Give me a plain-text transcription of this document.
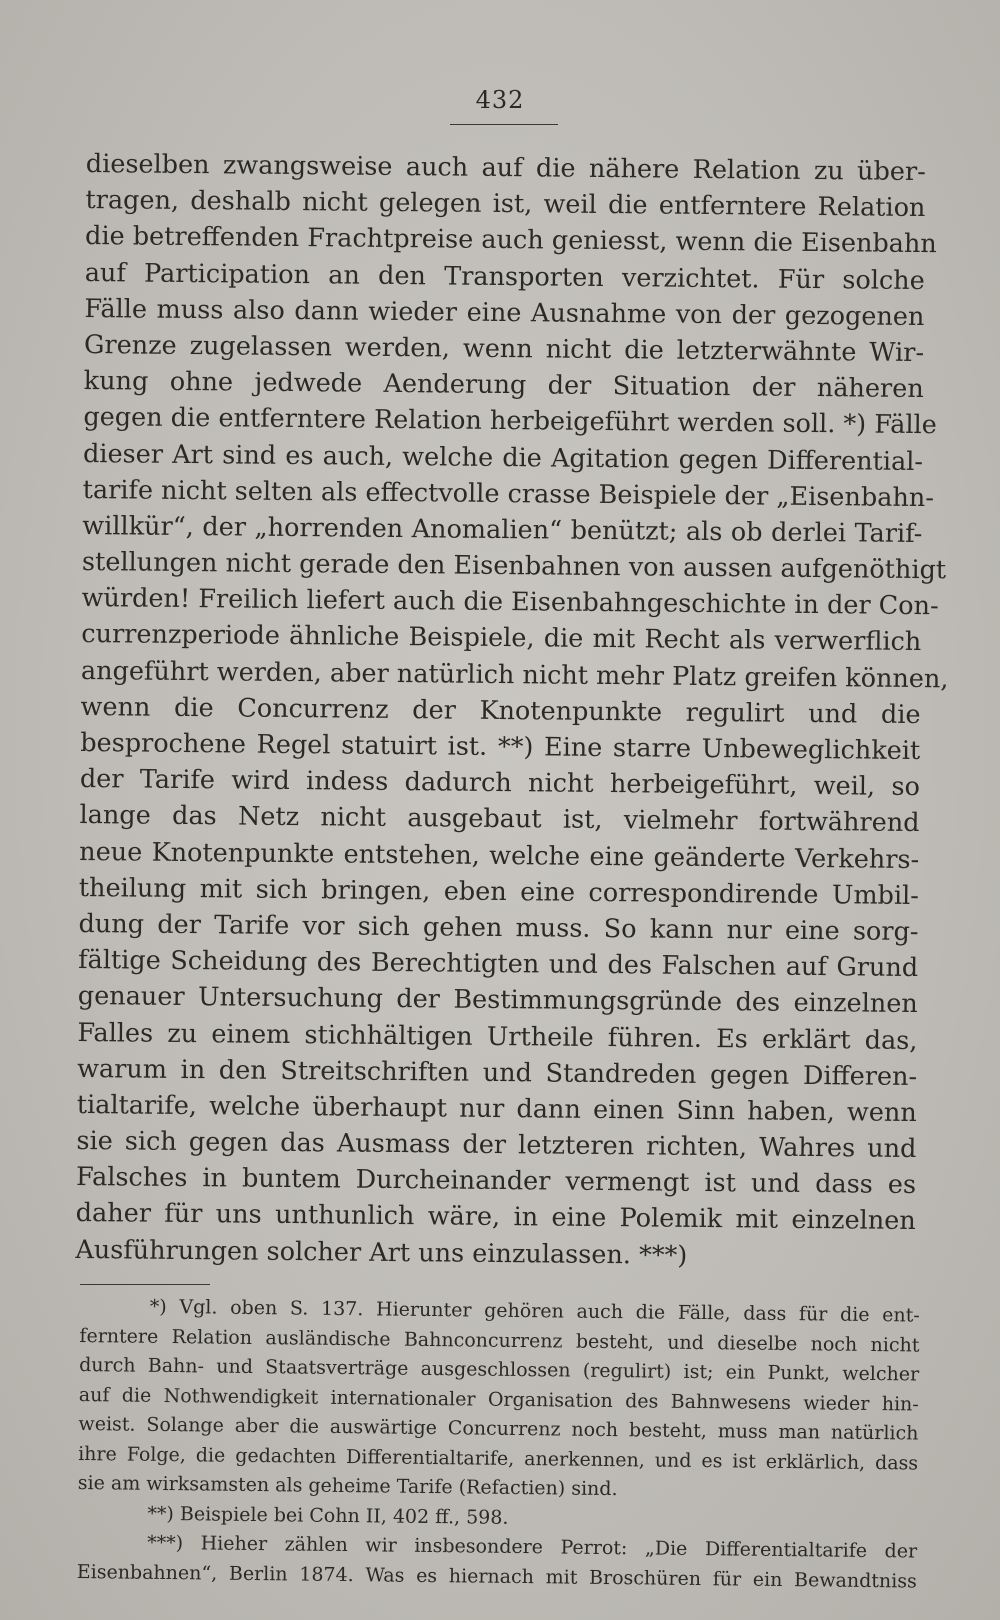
432
dieselben zwangsweise auch auf die nähere Relation zu über-
tragen, deshalb nicht gelegen ist, weil die entferntere Relation
die betreffenden Frachtpreise auch geniesst, wenn die Eisenbahn
auf Participation an den Transporten verzichtet. Für solche
Fälle muss also dann wieder eine Ausnahme von der gezogenen
Grenze zugelassen werden, wenn nicht die letzterwähnte Wir-
kung ohne jedwede Aenderung der Situation der näheren
gegen die entferntere Relation herbeigeführt werden soll. *) Fälle
dieser Art sind es auch, welche die Agitation gegen Differential-
tarife nicht selten als effectvolle crasse Beispiele der „Eisenbahn-
willkür“, der „horrenden Anomalien“ benützt; als ob derlei Tarif-
stellungen nicht gerade den Eisenbahnen von aussen aufgenöthigt
würden! Freilich liefert auch die Eisenbahngeschichte in der Con-
currenzperiode ähnliche Beispiele, die mit Recht als verwerflich
angeführt werden, aber natürlich nicht mehr Platz greifen können,
wenn die Concurrenz der Knotenpunkte regulirt und die
besprochene Regel statuirt ist. **) Eine starre Unbeweglichkeit
der Tarife wird indess dadurch nicht herbeigeführt, weil, so
lange das Netz nicht ausgebaut ist, vielmehr fortwährend
neue Knotenpunkte entstehen, welche eine geänderte Verkehrs-
theilung mit sich bringen, eben eine correspondirende Umbil-
dung der Tarife vor sich gehen muss. So kann nur eine sorg-
fältige Scheidung des Berechtigten und des Falschen auf Grund
genauer Untersuchung der Bestimmungsgründe des einzelnen
Falles zu einem stichhältigen Urtheile führen. Es erklärt das,
warum in den Streitschriften und Standreden gegen Differen-
tialtarife, welche überhaupt nur dann einen Sinn haben, wenn
sie sich gegen das Ausmass der letzteren richten, Wahres und
Falsches in buntem Durcheinander vermengt ist und dass es
daher für uns unthunlich wäre, in eine Polemik mit einzelnen
Ausführungen solcher Art uns einzulassen. ***)
*) Vgl. oben S. 137. Hierunter gehören auch die Fälle, dass für die ent-
ferntere Relation ausländische Bahnconcurrenz besteht, und dieselbe noch nicht
durch Bahn- und Staatsverträge ausgeschlossen (regulirt) ist; ein Punkt, welcher
auf die Nothwendigkeit internationaler Organisation des Bahnwesens wieder hin-
weist. Solange aber die auswärtige Concurrenz noch besteht, muss man natürlich
ihre Folge, die gedachten Differentialtarife, anerkennen, und es ist erklärlich, dass
sie am wirksamsten als geheime Tarife (Refactien) sind.
**) Beispiele bei Cohn II, 402 ff., 598.
***) Hieher zählen wir insbesondere Perrot: „Die Differentialtarife der
Eisenbahnen“, Berlin 1874. Was es hiernach mit Broschüren für ein Bewandtniss
